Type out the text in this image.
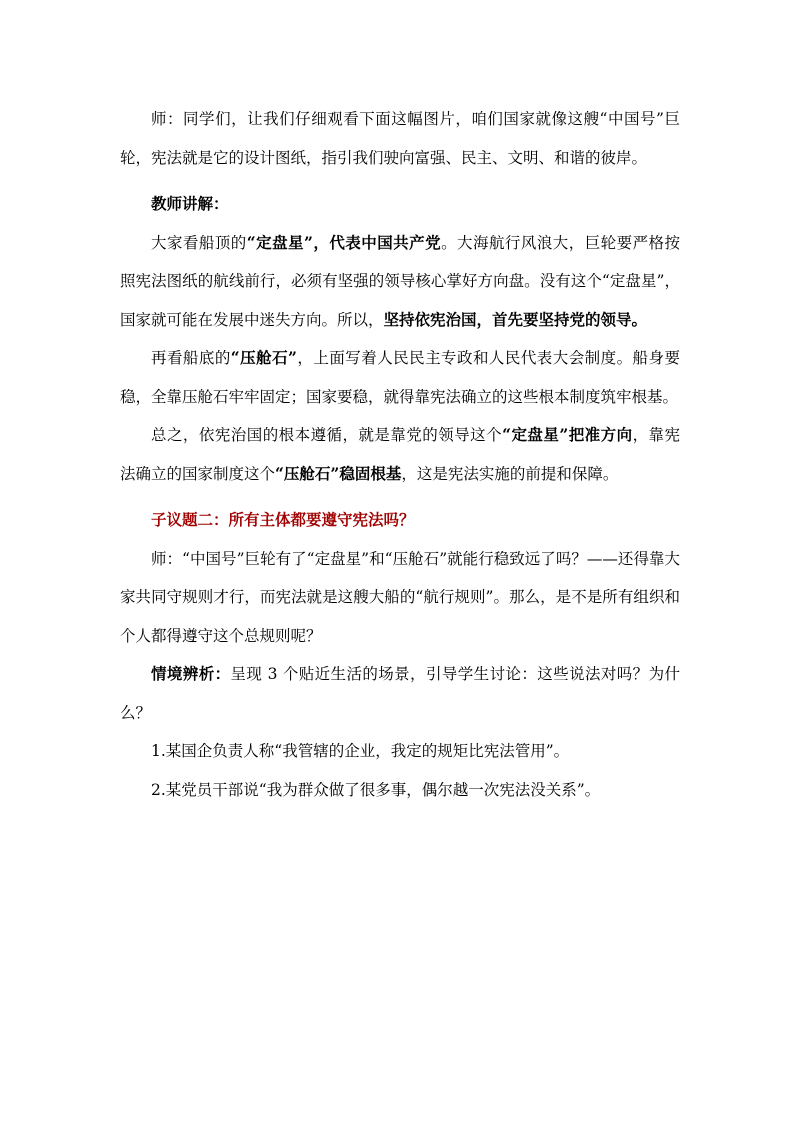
师：同学们，让我们仔细观看下面这幅图片，咱们国家就像这艘“中国号”巨轮，宪法就是它的设计图纸，指引我们驶向富强、民主、文明、和谐的彼岸。

教师讲解：

大家看船顶的“定盘星”，代表中国共产党。大海航行风浪大，巨轮要严格按照宪法图纸的航线前行，必须有坚强的领导核心掌好方向盘。没有这个“定盘星”，国家就可能在发展中迷失方向。所以，坚持依宪治国，首先要坚持党的领导。

再看船底的“压舱石”，上面写着人民民主专政和人民代表大会制度。船身要稳，全靠压舱石牢牢固定；国家要稳，就得靠宪法确立的这些根本制度筑牢根基。

总之，依宪治国的根本遵循，就是靠党的领导这个“定盘星”把准方向，靠宪法确立的国家制度这个“压舱石”稳固根基，这是宪法实施的前提和保障。

子议题二：所有主体都要遵守宪法吗？

师：“中国号”巨轮有了“定盘星”和“压舱石”就能行稳致远了吗？——还得靠大家共同守规则才行，而宪法就是这艘大船的“航行规则”。那么，是不是所有组织和个人都得遵守这个总规则呢？

情境辨析：呈现 3 个贴近生活的场景，引导学生讨论：这些说法对吗？为什么？

1.某国企负责人称“我管辖的企业，我定的规矩比宪法管用”。

2.某党员干部说“我为群众做了很多事，偶尔越一次宪法没关系”。
